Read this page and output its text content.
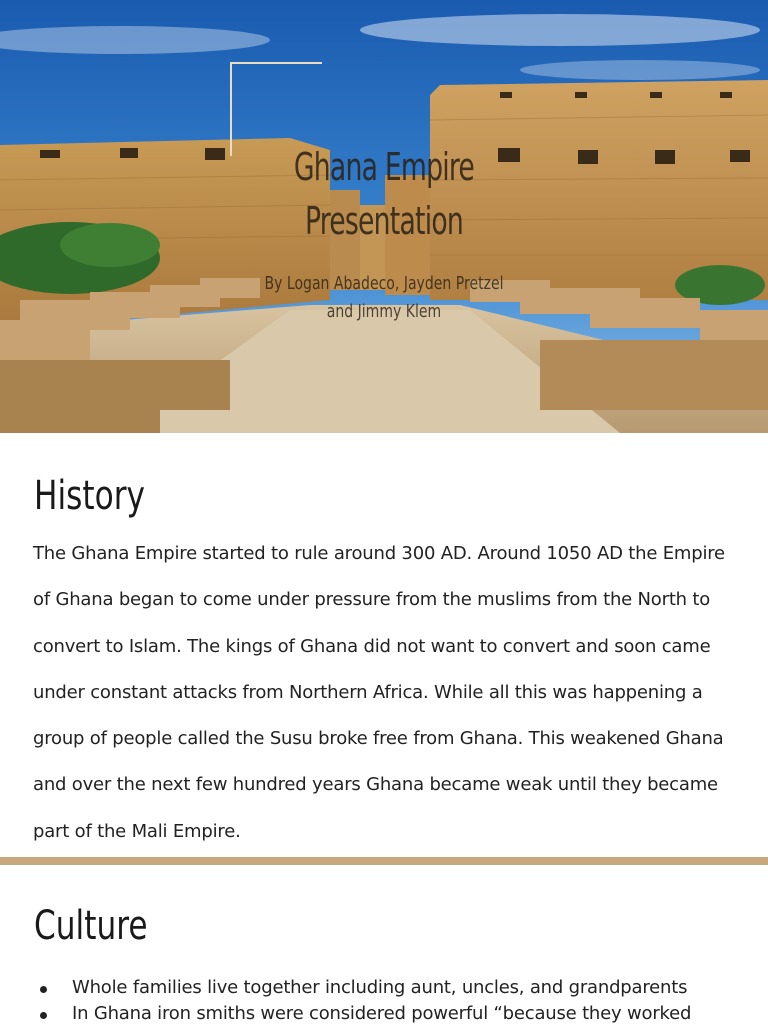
Ghana Empire Presentation
By Logan Abadeco, Jayden Pretzel and Jimmy Klem
History

The Ghana Empire started to rule around 300 AD. Around 1050 AD the Empire of Ghana began to come under pressure from the muslims from the North to convert to Islam. The kings of Ghana did not want to convert and soon came under constant attacks from Northern Africa. While all this was happening a group of people called the Susu broke free from Ghana. This weakened Ghana and over the next few hundred years Ghana became weak until they became part of the Mali Empire.

Culture
Whole families live together including aunt, uncles, and grandparents
In Ghana iron smiths were considered powerful “because they worked
